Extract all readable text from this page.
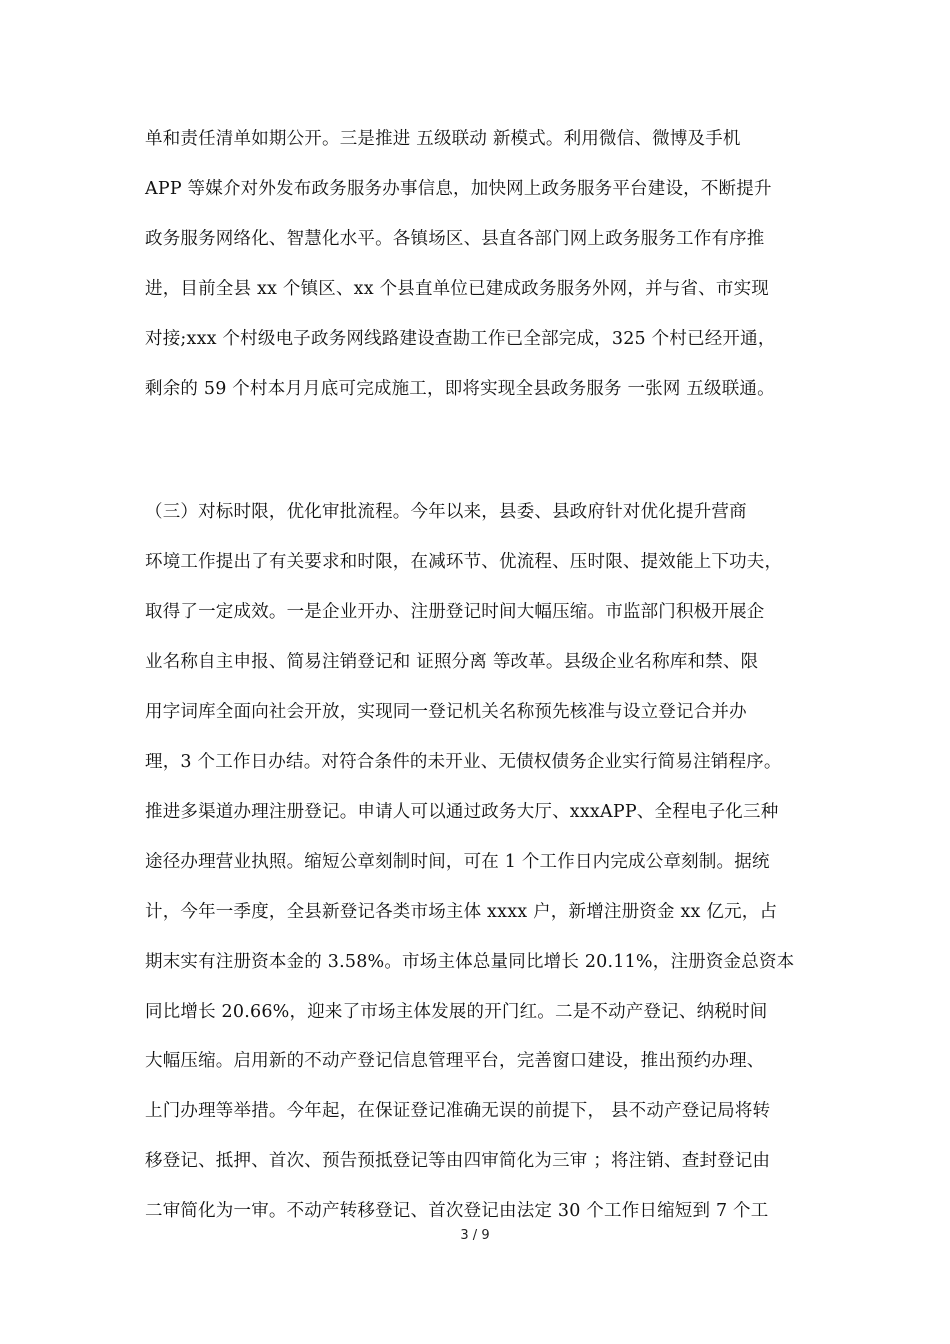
单和责任清单如期公开。三是推进 五级联动 新模式。利用微信、微博及手机
APP 等媒介对外发布政务服务办事信息，加快网上政务服务平台建设，不断提升
政务服务网络化、智慧化水平。各镇场区、县直各部门网上政务服务工作有序推
进，目前全县 xx 个镇区、xx 个县直单位已建成政务服务外网，并与省、市实现
对接;xxx 个村级电子政务网线路建设查勘工作已全部完成，325 个村已经开通，
剩余的 59 个村本月月底可完成施工，即将实现全县政务服务 一张网 五级联通。
（三）对标时限，优化审批流程。今年以来，县委、县政府针对优化提升营商
环境工作提出了有关要求和时限，在减环节、优流程、压时限、提效能上下功夫，
取得了一定成效。一是企业开办、注册登记时间大幅压缩。市监部门积极开展企
业名称自主申报、简易注销登记和 证照分离 等改革。县级企业名称库和禁、限
用字词库全面向社会开放，实现同一登记机关名称预先核准与设立登记合并办
理，3 个工作日办结。对符合条件的未开业、无债权债务企业实行简易注销程序。
推进多渠道办理注册登记。申请人可以通过政务大厅、xxxAPP、全程电子化三种
途径办理营业执照。缩短公章刻制时间，可在 1 个工作日内完成公章刻制。据统
计，今年一季度，全县新登记各类市场主体 xxxx 户，新增注册资金 xx 亿元，占
期末实有注册资本金的 3.58%。市场主体总量同比增长 20.11%，注册资金总资本
同比增长 20.66%，迎来了市场主体发展的开门红。二是不动产登记、纳税时间
大幅压缩。启用新的不动产登记信息管理平台，完善窗口建设，推出预约办理、
上门办理等举措。今年起，在保证登记准确无误的前提下， 县不动产登记局将转
移登记、抵押、首次、预告预抵登记等由四审简化为三审 ；将注销、查封登记由
二审简化为一审。不动产转移登记、首次登记由法定 30 个工作日缩短到 7 个工
3 / 9
